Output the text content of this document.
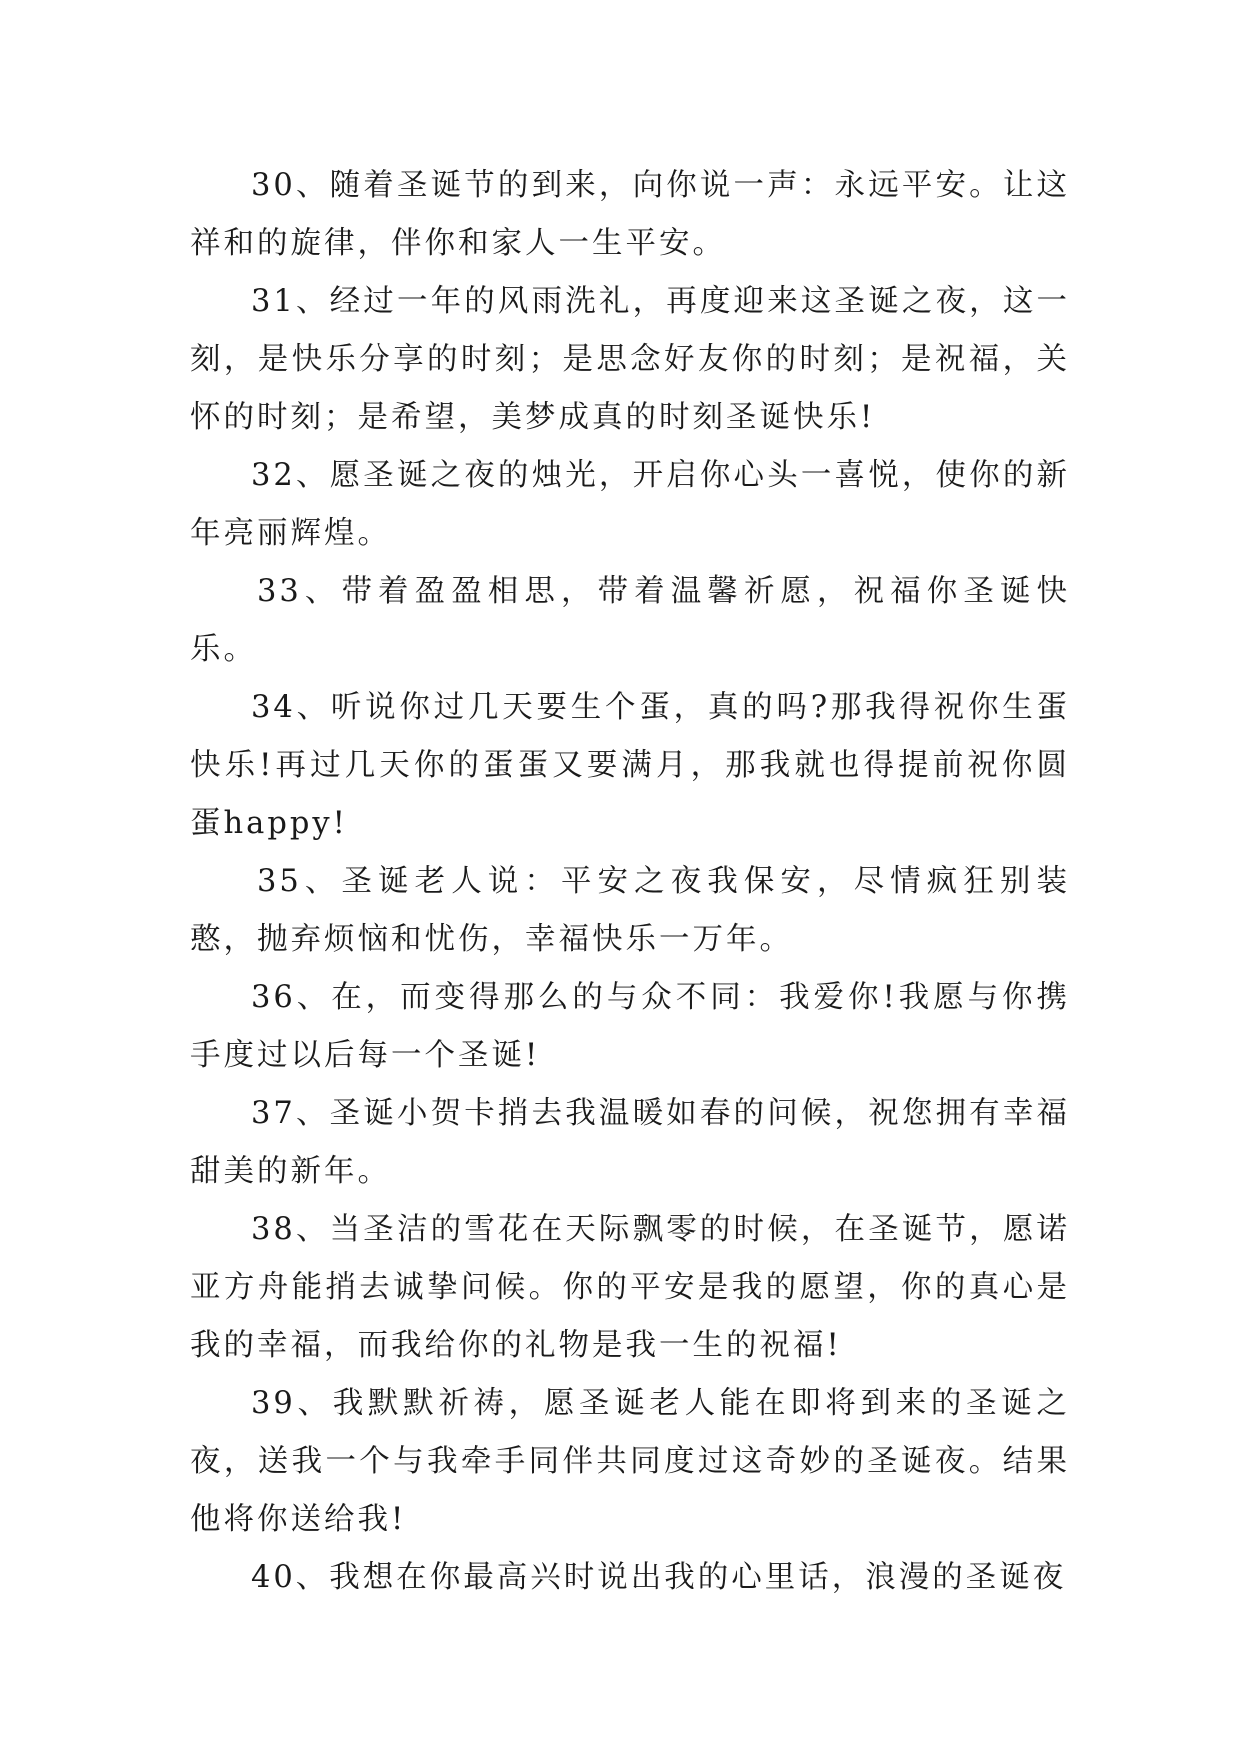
30、随着圣诞节的到来，向你说一声：永远平安。让这祥和的旋律，伴你和家人一生平安。

31、经过一年的风雨洗礼，再度迎来这圣诞之夜，这一刻，是快乐分享的时刻；是思念好友你的时刻；是祝福，关怀的时刻；是希望，美梦成真的时刻圣诞快乐!

32、愿圣诞之夜的烛光，开启你心头一喜悦，使你的新年亮丽辉煌。

33、带着盈盈相思，带着温馨祈愿，祝福你圣诞快乐。

34、听说你过几天要生个蛋，真的吗?那我得祝你生蛋快乐!再过几天你的蛋蛋又要满月，那我就也得提前祝你圆蛋happy!

35、圣诞老人说：平安之夜我保安，尽情疯狂别装憨，抛弃烦恼和忧伤，幸福快乐一万年。

36、在，而变得那么的与众不同：我爱你!我愿与你携手度过以后每一个圣诞!

37、圣诞小贺卡捎去我温暖如春的问候，祝您拥有幸福甜美的新年。

38、当圣洁的雪花在天际飘零的时候，在圣诞节，愿诺亚方舟能捎去诚挚问候。你的平安是我的愿望，你的真心是我的幸福，而我给你的礼物是我一生的祝福!

39、我默默祈祷，愿圣诞老人能在即将到来的圣诞之夜，送我一个与我牵手同伴共同度过这奇妙的圣诞夜。结果他将你送给我!

40、我想在你最高兴时说出我的心里话，浪漫的圣诞夜
